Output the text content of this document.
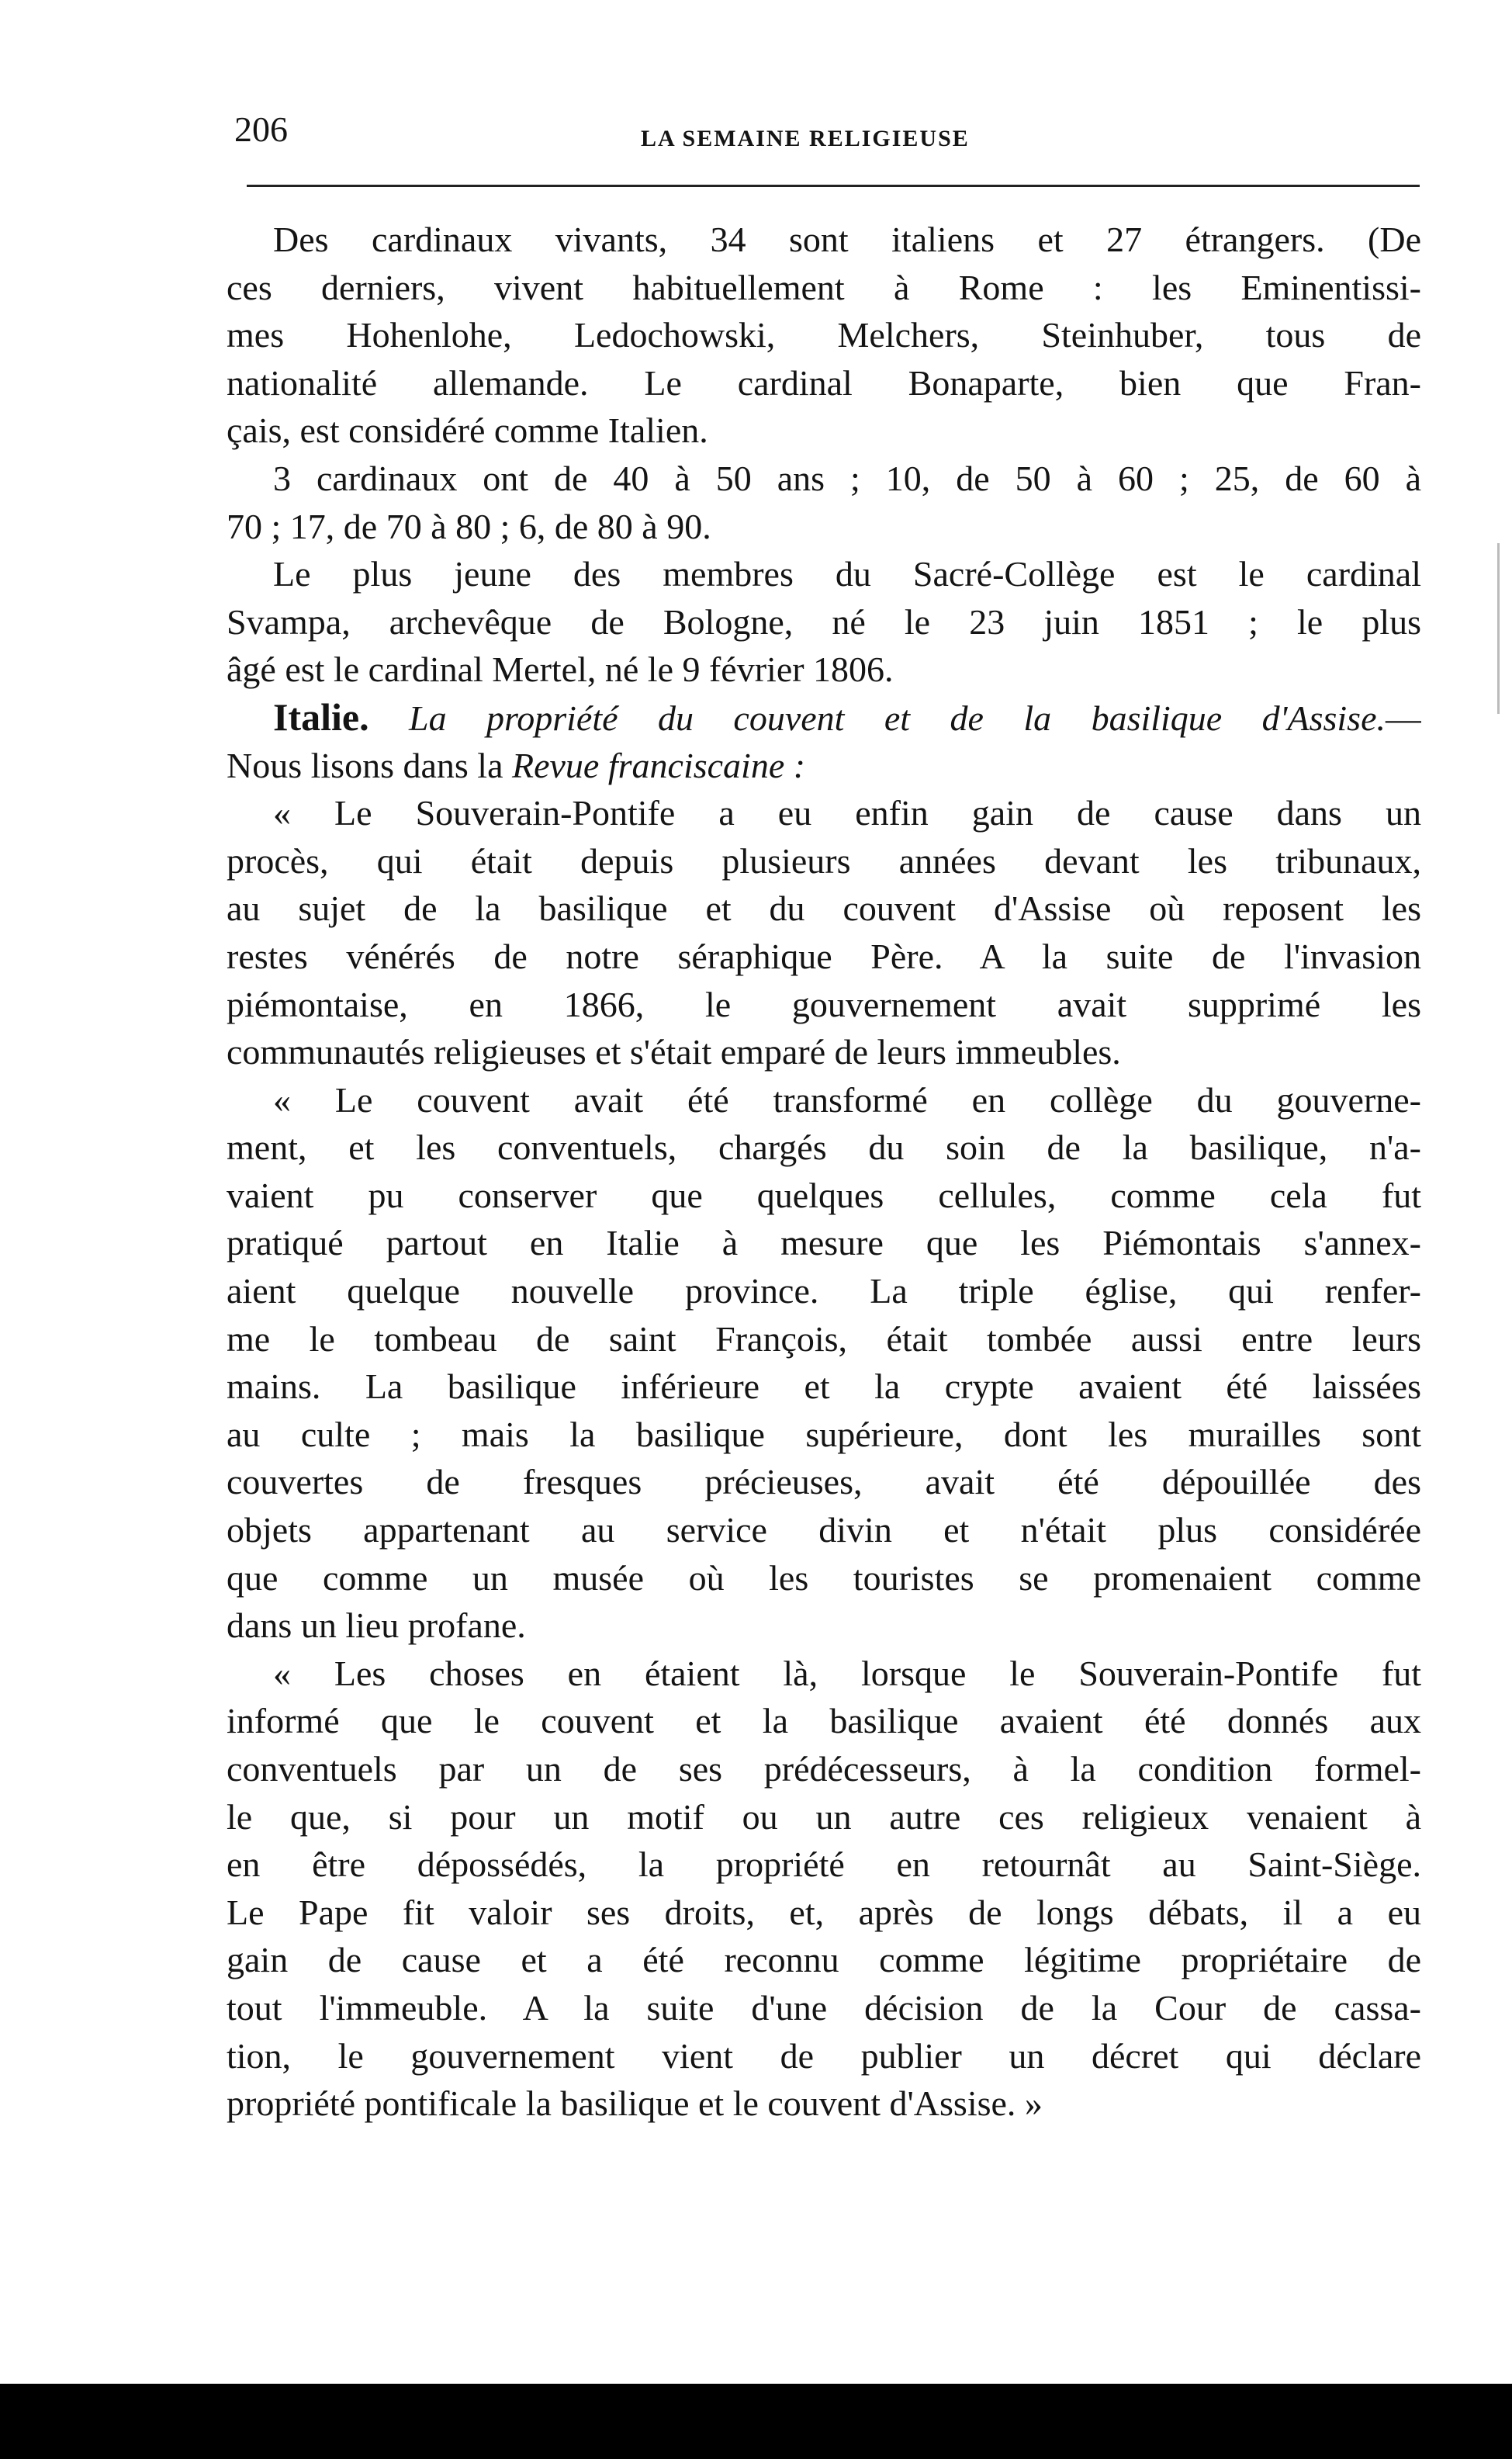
206	LA SEMAINE RELIGIEUSE
Des cardinaux vivants, 34 sont italiens et 27 étrangers. (De
ces derniers, vivent habituellement à Rome : les Eminentissi-
mes Hohenlohe, Ledochowski, Melchers, Steinhuber, tous de
nationalité allemande. Le cardinal Bonaparte, bien que Fran-
çais, est considéré comme Italien.
3 cardinaux ont de 40 à 50 ans ; 10, de 50 à 60 ; 25, de 60 à
70 ; 17, de 70 à 80 ; 6, de 80 à 90.
Le plus jeune des membres du Sacré-Collège est le cardinal
Svampa, archevêque de Bologne, né le 23 juin 1851 ; le plus
âgé est le cardinal Mertel, né le 9 février 1806.
Italie. La propriété du couvent et de la basilique d'Assise.—
Nous lisons dans la Revue franciscaine :
« Le Souverain-Pontife a eu enfin gain de cause dans un
procès, qui était depuis plusieurs années devant les tribunaux,
au sujet de la basilique et du couvent d'Assise où reposent les
restes vénérés de notre séraphique Père. A la suite de l'invasion
piémontaise, en 1866, le gouvernement avait supprimé les
communautés religieuses et s'était emparé de leurs immeubles.
« Le couvent avait été transformé en collège du gouverne-
ment, et les conventuels, chargés du soin de la basilique, n'a-
vaient pu conserver que quelques cellules, comme cela fut
pratiqué partout en Italie à mesure que les Piémontais s'annex-
aient quelque nouvelle province. La triple église, qui renfer-
me le tombeau de saint François, était tombée aussi entre leurs
mains. La basilique inférieure et la crypte avaient été laissées
au culte ; mais la basilique supérieure, dont les murailles sont
couvertes de fresques précieuses, avait été dépouillée des
objets appartenant au service divin et n'était plus considérée
que comme un musée où les touristes se promenaient comme
dans un lieu profane.
« Les choses en étaient là, lorsque le Souverain-Pontife fut
informé que le couvent et la basilique avaient été donnés aux
conventuels par un de ses prédécesseurs, à la condition formel-
le que, si pour un motif ou un autre ces religieux venaient à
en être dépossédés, la propriété en retournât au Saint-Siège.
Le Pape fit valoir ses droits, et, après de longs débats, il a eu
gain de cause et a été reconnu comme légitime propriétaire de
tout l'immeuble. A la suite d'une décision de la Cour de cassa-
tion, le gouvernement vient de publier un décret qui déclare
propriété pontificale la basilique et le couvent d'Assise. »
